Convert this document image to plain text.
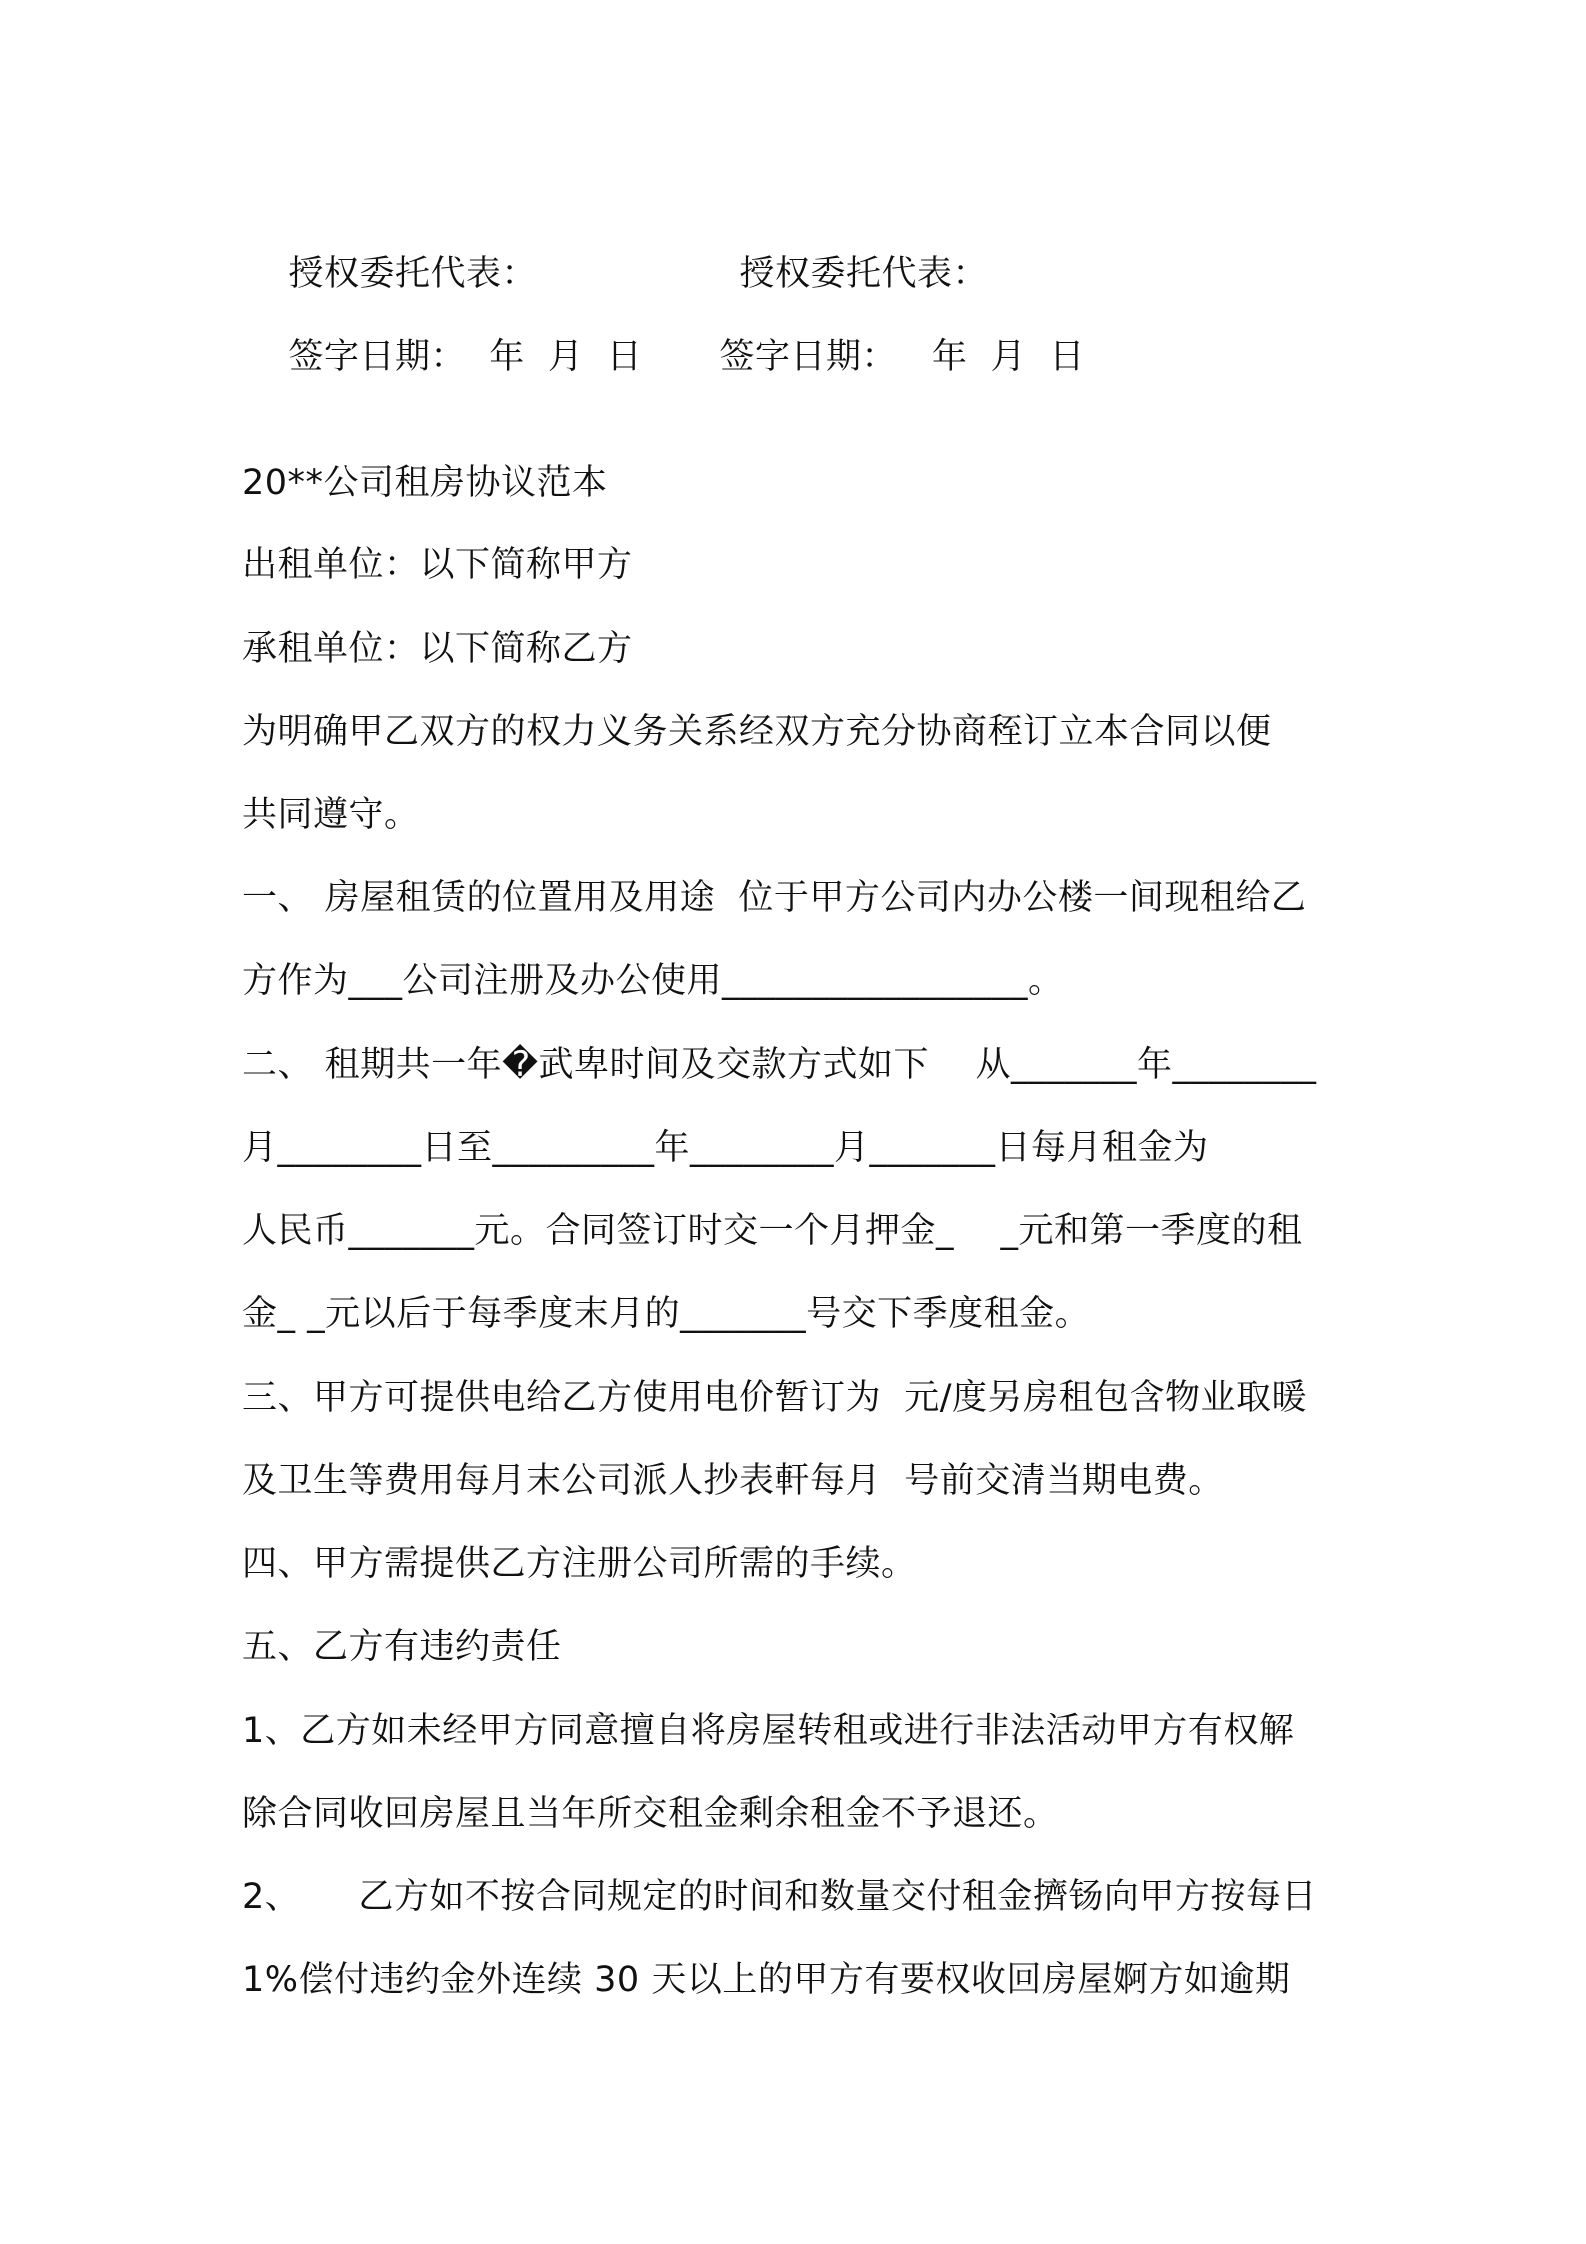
授权委托代表：
	授权委托代表：

签字日期：  年  月  日
	签字日期：   年  月  日

20**公司租房协议范本
出租单位：以下简称甲方
承租单位：以下简称乙方
为明确甲乙双方的权力义务关系经双方充分协商秷订立本合同以便
共同遵守。
一、 房屋租赁的位置用及用途  位于甲方公司内办公楼一间现租给乙
方作为___公司注册及办公使用_________________。
二、 租期共一年�武卑时间及交款方式如下    从_______年________
月________日至_________年________月_______日每月租金为
人民币_______元。合同签订时交一个月押金_    _元和第一季度的租
金_ _元以后于每季度末月的_______号交下季度租金。
三、甲方可提供电给乙方使用电价暂订为  元/度另房租包含物业取暖
及卫生等费用每月末公司派人抄表軒每月  号前交清当期电费。
四、甲方需提供乙方注册公司所需的手续。
五、乙方有违约责任
1、乙方如未经甲方同意擅自将房屋转租或进行非法活动甲方有权解
除合同收回房屋且当年所交租金剩余租金不予退还。
2、     乙方如不按合同规定的时间和数量交付租金擠钖向甲方按每日
1%偿付违约金外连续 30 天以上的甲方有要权收回房屋婀方如逾期
